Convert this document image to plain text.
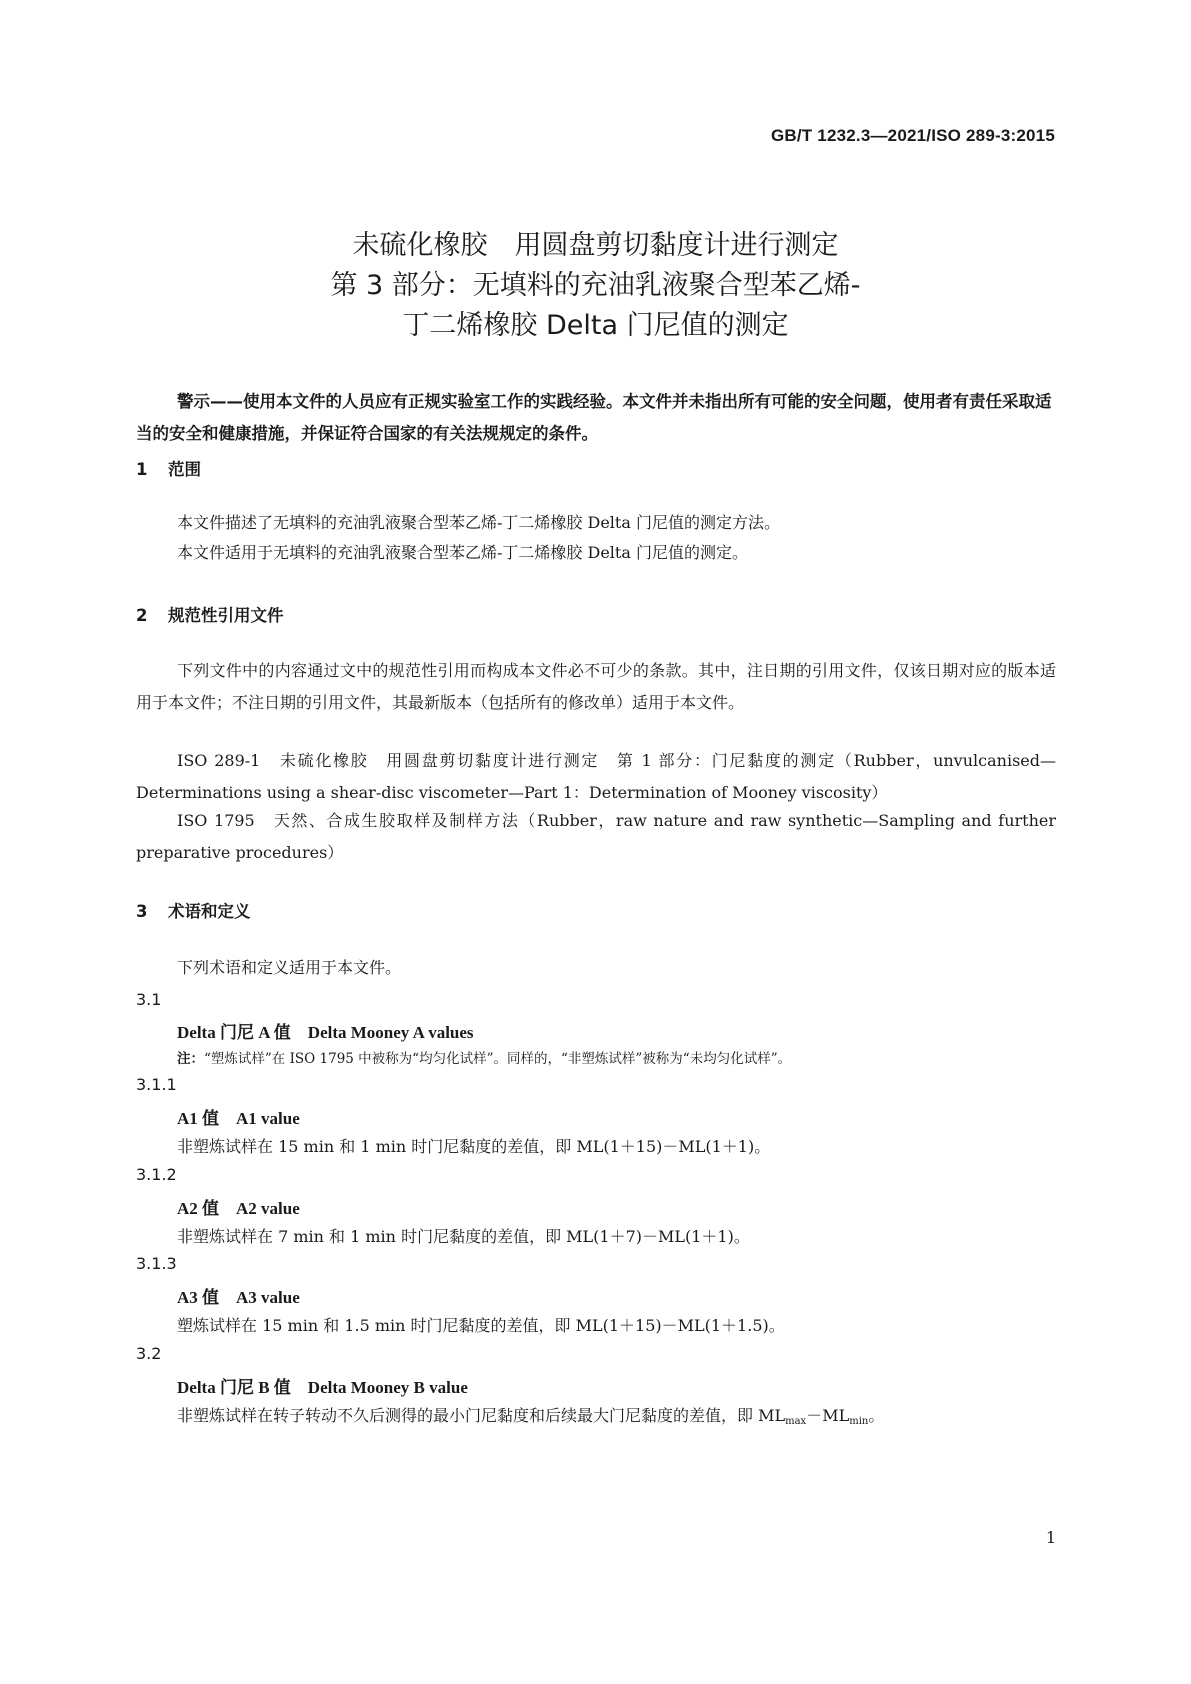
GB/T 1232.3—2021/ISO 289-3:2015
未硫化橡胶　用圆盘剪切黏度计进行测定
第 3 部分：无填料的充油乳液聚合型苯乙烯-
丁二烯橡胶 Delta 门尼值的测定
警示——使用本文件的人员应有正规实验室工作的实践经验。本文件并未指出所有可能的安全问题，使用者有责任采取适当的安全和健康措施，并保证符合国家的有关法规规定的条件。
1 范围
本文件描述了无填料的充油乳液聚合型苯乙烯-丁二烯橡胶 Delta 门尼值的测定方法。
本文件适用于无填料的充油乳液聚合型苯乙烯-丁二烯橡胶 Delta 门尼值的测定。
2 规范性引用文件
下列文件中的内容通过文中的规范性引用而构成本文件必不可少的条款。其中，注日期的引用文件，仅该日期对应的版本适用于本文件；不注日期的引用文件，其最新版本（包括所有的修改单）适用于本文件。
ISO 289-1　未硫化橡胶　用圆盘剪切黏度计进行测定　第 1 部分：门尼黏度的测定（Rubber，unvulcanised—Determinations using a shear-disc viscometer—Part 1：Determination of Mooney viscosity）
ISO 1795　天然、合成生胶取样及制样方法（Rubber，raw nature and raw synthetic—Sampling and further preparative procedures）
3 术语和定义
下列术语和定义适用于本文件。
3.1
Delta 门尼 A 值　Delta Mooney A values
注：“塑炼试样”在 ISO 1795 中被称为“均匀化试样”。同样的，“非塑炼试样”被称为“未均匀化试样”。
3.1.1
A1 值　A1 value
非塑炼试样在 15 min 和 1 min 时门尼黏度的差值，即 ML(1＋15)－ML(1＋1)。
3.1.2
A2 值　A2 value
非塑炼试样在 7 min 和 1 min 时门尼黏度的差值，即 ML(1＋7)－ML(1＋1)。
3.1.3
A3 值　A3 value
塑炼试样在 15 min 和 1.5 min 时门尼黏度的差值，即 ML(1＋15)－ML(1＋1.5)。
3.2
Delta 门尼 B 值　Delta Mooney B value
非塑炼试样在转子转动不久后测得的最小门尼黏度和后续最大门尼黏度的差值，即 $ML_{max}-ML_{min}$。
1
